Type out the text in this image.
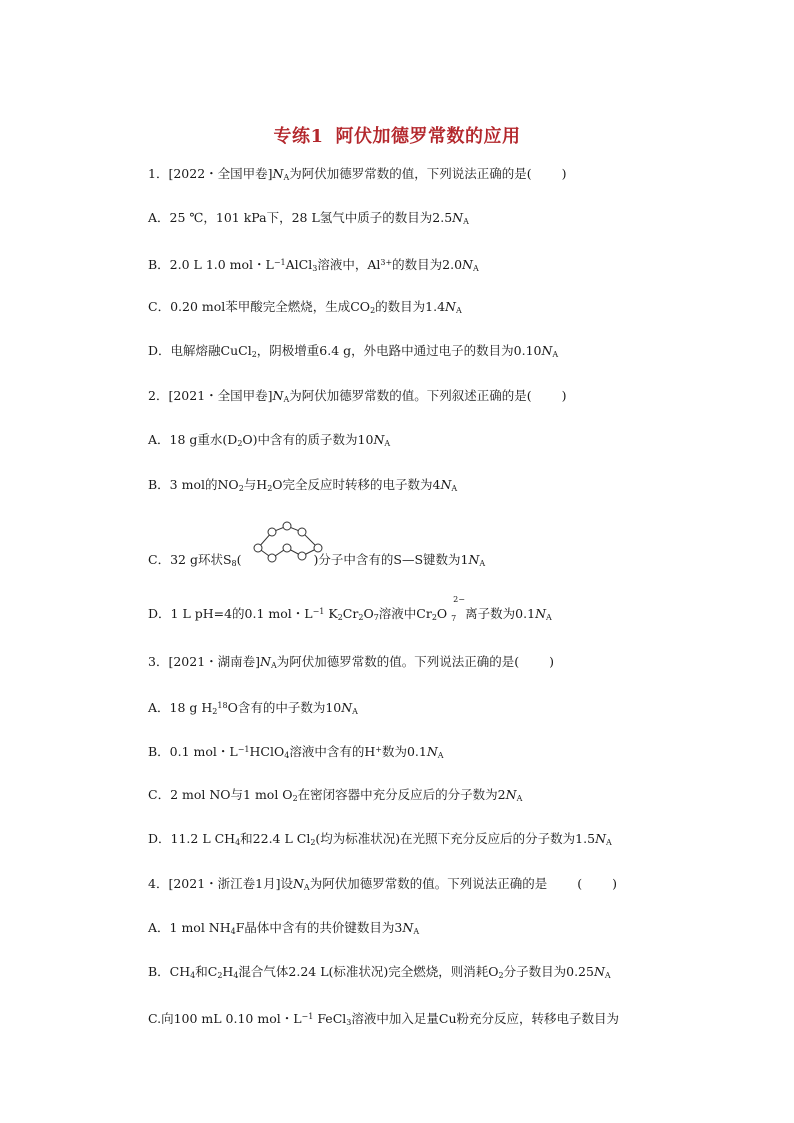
专练1 阿伏加德罗常数的应用
1．[2022・全国甲卷]$N_A$为阿伏加德罗常数的值，下列说法正确的是( )
A．25 ℃，101 kPa下，28 L氢气中质子的数目为$2.5N_A$
B．2.0 L 1.0 mol・$L^{-1}AlCl_3$溶液中，$Al^{3+}$的数目为$2.0N_A$
C．0.20 mol苯甲酸完全燃烧，生成$CO_2$的数目为$1.4N_A$
D．电解熔融CuCl$_2$，阴极增重6.4 g，外电路中通过电子的数目为$0.10N_A$
2．[2021・全国甲卷]$N_A$为阿伏加德罗常数的值。下列叙述正确的是( )
A．18 g重水$(D_2O)$中含有的质子数为$10N_A$
B．3 mol的$NO_2$与$H_2O$完全反应时转移的电子数为$4N_A$
C．32 g环状$S_8$(	)分子中含有的S—S键数为$1N_A$
D．1 L pH=4的0.1 mol・$L^{-1}$ $K_2Cr_2O_7$溶液中$Cr_2O$
2−
7 离子数为$0.1N_A$
3．[2021・湖南卷]$N_A$为阿伏加德罗常数的值。下列说法正确的是( )
A．18 g $H_2^{18}O$含有的中子数为$10N_A$
B．0.1 mol・$L^{-1}HClO_4$溶液中含有的H+数为$0.1N_A$
C．2 mol NO与1 mol $O_2$在密闭容器中充分反应后的分子数为$2N_A$
D．11.2 L $CH_4$和22.4 L $Cl_2$(均为标准状况)在光照下充分反应后的分子数为$1.5N_A$
4．[2021・浙江卷1月]设$N_A$为阿伏加德罗常数的值。下列说法正确的是 ( )
A．1 mol $NH_4F$晶体中含有的共价键数目为$3N_A$
B．$CH_4$和$C_2H_4$混合气体2.24 L(标准状况)完全燃烧，则消耗$O_2$分子数目为$0.25N_A$
C.向100 mL 0.10 mol・$L^{-1}$ FeCl$_3$溶液中加入足量Cu粉充分反应，转移电子数目为
